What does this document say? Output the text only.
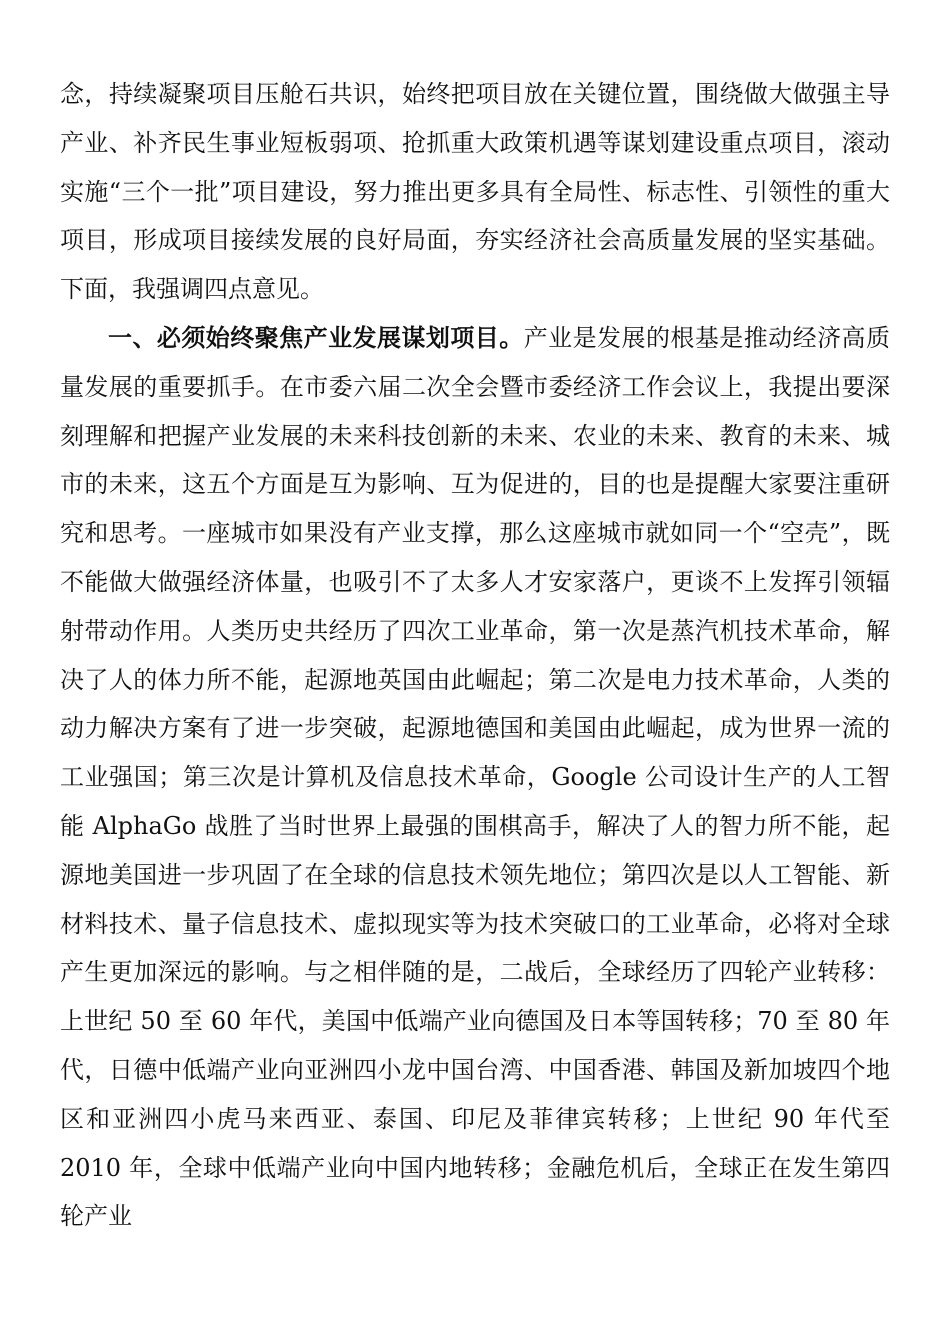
念，持续凝聚项目压舱石共识，始终把项目放在关键位置，围绕做大做强主导产业、补齐民生事业短板弱项、抢抓重大政策机遇等谋划建设重点项目，滚动实施“三个一批”项目建设，努力推出更多具有全局性、标志性、引领性的重大项目，形成项目接续发展的良好局面，夯实经济社会高质量发展的坚实基础。下面，我强调四点意见。

一、必须始终聚焦产业发展谋划项目。产业是发展的根基是推动经济高质量发展的重要抓手。在市委六届二次全会暨市委经济工作会议上，我提出要深刻理解和把握产业发展的未来科技创新的未来、农业的未来、教育的未来、城市的未来，这五个方面是互为影响、互为促进的，目的也是提醒大家要注重研究和思考。一座城市如果没有产业支撑，那么这座城市就如同一个“空壳”，既不能做大做强经济体量，也吸引不了太多人才安家落户，更谈不上发挥引领辐射带动作用。人类历史共经历了四次工业革命，第一次是蒸汽机技术革命，解决了人的体力所不能，起源地英国由此崛起；第二次是电力技术革命，人类的动力解决方案有了进一步突破，起源地德国和美国由此崛起，成为世界一流的工业强国；第三次是计算机及信息技术革命，Google 公司设计生产的人工智能 AlphaGo 战胜了当时世界上最强的围棋高手，解决了人的智力所不能，起源地美国进一步巩固了在全球的信息技术领先地位；第四次是以人工智能、新材料技术、量子信息技术、虚拟现实等为技术突破口的工业革命，必将对全球产生更加深远的影响。与之相伴随的是，二战后，全球经历了四轮产业转移：上世纪 50 至 60 年代，美国中低端产业向德国及日本等国转移；70 至 80 年代，日德中低端产业向亚洲四小龙中国台湾、中国香港、韩国及新加坡四个地区和亚洲四小虎马来西亚、泰国、印尼及菲律宾转移；上世纪 90 年代至 2010 年，全球中低端产业向中国内地转移；金融危机后，全球正在发生第四轮产业
